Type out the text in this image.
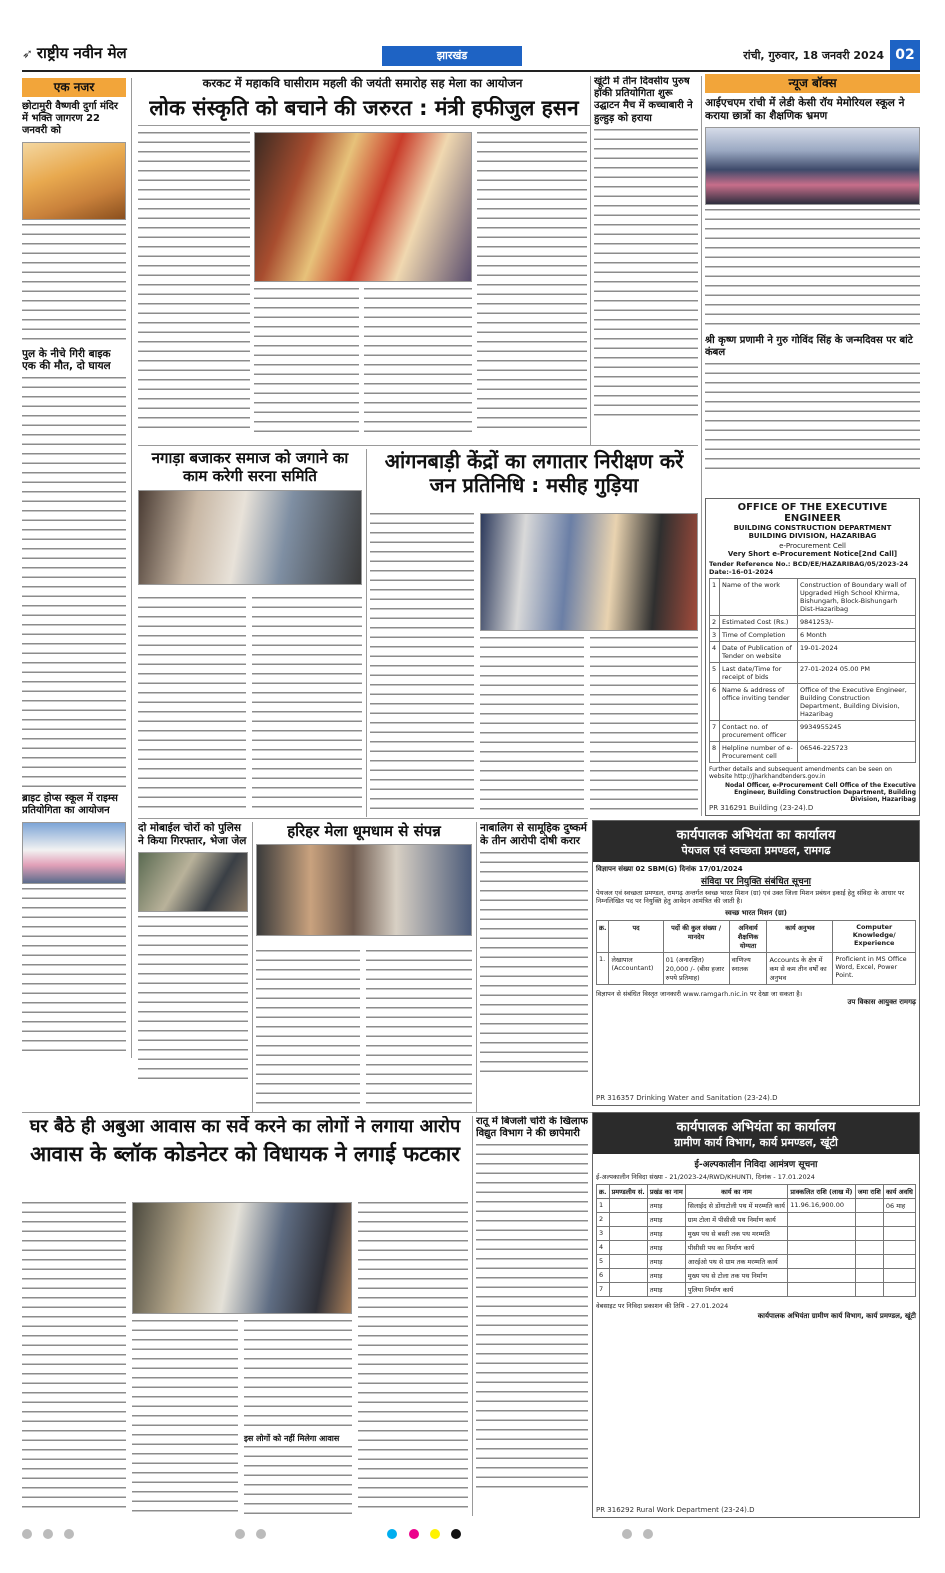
➶ राष्ट्रीय नवीन मेल	झारखंड	रांची, गुरुवार, 18 जनवरी 2024 02
एक नजर
छोटामुरी वैष्णवी दुर्गा मंदिर में भक्ति जागरण 22 जनवरी को
पुल के नीचे गिरी बाइक एक की मौत, दो घायल
ब्राइट होप्स स्कूल में राइम्स प्रतियोगिता का आयोजन
करकट में महाकवि घासीराम महली की जयंती समारोह सह मेला का आयोजन
लोक संस्कृति को बचाने की जरुरत : मंत्री हफीजुल हसन
खूंटी में तीन दिवसीय पुरुष हॉकी प्रतियोगिता शुरू उद्घाटन मैच में कच्चाबारी ने हुल्हुड़ को हराया
न्यूज बॉक्स
आईएचएम रांची में लेडी केसी रॉय मेमोरियल स्कूल ने कराया छात्रों का शैक्षणिक भ्रमण
श्री कृष्ण प्रणामी ने गुरु गोविंद सिंह के जन्मदिवस पर बांटे कंबल
OFFICE OF THE EXECUTIVE ENGINEER
BUILDING CONSTRUCTION DEPARTMENT
BUILDING DIVISION, HAZARIBAG
e-Procurement Cell
Very Short e-Procurement Notice[2nd Call]
Tender Reference No.: BCD/EE/HAZARIBAG/05/2023-24
Date:-16-01-2024
1	Name of the work	Construction of Boundary wall of Upgraded High School Khirma, Bishungarh, Block-Bishungarh Dist-Hazaribag
2	Estimated Cost (Rs.)	9841253/-
3	Time of Completion	6 Month
4	Date of Publication of Tender on website	19-01-2024
5	Last date/Time for receipt of bids	27-01-2024 05.00 PM
6	Name & address of office inviting tender	Office of the Executive Engineer, Building Construction Department, Building Division, Hazaribag
7	Contact no. of procurement officer	9934955245
8	Helpline number of e-Procurement cell	06546-225723
Further details and subsequent amendments can be seen on website http://jharkhandtenders.gov.in
Nodal Officer, e-Procurement Cell Office of the Executive Engineer, Building Construction Department, Building Division, Hazaribag
PR 316291 Building (23-24).D
नगाड़ा बजाकर समाज को जगाने का काम करेगी सरना समिति
आंगनबाड़ी केंद्रों का लगातार निरीक्षण करें जन प्रतिनिधि : मसीह गुड़िया
दो मोबाईल चोरों को पुलिस ने किया गिरफ्तार, भेजा जेल
हरिहर मेला धूमधाम से संपन्न	नाबालिग से सामूहिक दुष्कर्म के तीन आरोपी दोषी करार	कार्यपालक अभियंता का कार्यालय
पेयजल एवं स्वच्छता प्रमण्डल, रामगढ
विज्ञापन संख्या 02 SBM(G) दिनांक 17/01/2024
संविदा पर नियुक्ति संबंधित सूचना
पेयजल एवं स्वच्छता प्रमण्डल, रामगढ़ अन्तर्गत स्वच्छ भारत मिशन (ग्रा) एवं उक्त जिला मिशन प्रबंधन इकाई हेतु संविदा के आधार पर निम्नलिखित पद पर नियुक्ति हेतु आवेदन आमंत्रित की जाती है।
स्वच्छ भारत मिशन (ग्रा)
क्र.	पद	पदों की कुल संख्या / मानदेय	अनिवार्य शैक्षणिक योग्यता	कार्य अनुभव	Computer Knowledge/ Experience
1.	लेखापाल (Accountant)	01 (अनारक्षित) 20,000 /- (बीस हजार रुपये प्रतिमाह)	वाणिज्य स्नातक	Accounts के क्षेत्र में कम से कम तीन वर्षों का अनुभव	Proficient in MS Office Word, Excel, Power Point.
विज्ञापन से संबंधित विस्तृत जानकारी www.ramgarh.nic.in पर देखा जा सकता है।
उप विकास आयुक्त रामगढ़
PR 316357 Drinking Water and Sanitation (23-24).D
घर बैठे ही अबुआ आवास का सर्वे करने का लोगों ने लगाया आरोप
आवास के ब्लॉक कोडनेटर को विधायक ने लगाई फटकार
इस लोगों को नहीं मिलेगा आवास
रातू में बिजली चोरी के खिलाफ विद्युत विभाग ने की छापेमारी	कार्यपालक अभियंता का कार्यालय
ग्रामीण कार्य विभाग, कार्य प्रमण्डल, खूंटी
ई-अल्पकालीन निविदा आमंत्रण सूचना
ई-अल्पकालीन निविदा संख्या - 21/2023-24/RWD/KHUNTI, दिनांक - 17.01.2024
क्र.	प्रमण्डलीय सं.	प्रखंड का नाम	कार्य का नाम	प्राक्कलित राशि (लाख में)	जमा राशि	कार्य अवधि
1		तमाड़	सिलाईद से डोंगाटोली पथ में मरम्मति कार्य	11.96.16,900.00		06 माह
2		तमाड़	ग्राम टोला में पीसीसी पथ निर्माण कार्य			
3		तमाड़	मुख्य पथ से बस्ती तक पथ मरम्मति			
4		तमाड़	पीसीसी पथ का निर्माण कार्य			
5		तमाड़	आरईओ पथ से ग्राम तक मरम्मति कार्य			
6		तमाड़	मुख्य पथ से टोला तक पथ निर्माण			
7		तमाड़	पुलिया निर्माण कार्य			
वेबसाइट पर निविदा प्रकाशन की तिथि - 27.01.2024
कार्यपालक अभियंता ग्रामीण कार्य विभाग, कार्य प्रमण्डल, खूंटी
PR 316292 Rural Work Department (23-24).D
